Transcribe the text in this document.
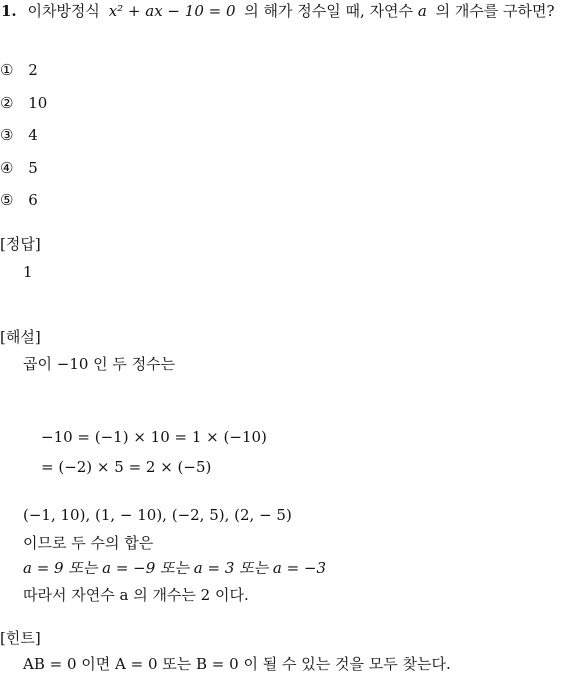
1. 이차방정식 x² + ax − 10 = 0 의 해가 정수일 때, 자연수 a 의 개수를 구하면?
① 2
② 10
③ 4
④ 5
⑤ 6
[정답]
1
[해설]
곱이 −10 인 두 정수는
−10 = (−1) × 10 = 1 × (−10)
= (−2) × 5 = 2 × (−5)
(−1, 10), (1, − 10), (−2, 5), (2, − 5)
이므로 두 수의 합은
a = 9 또는 a = −9 또는 a = 3 또는 a = −3
따라서 자연수 a 의 개수는 2 이다.
[힌트]
AB = 0 이면 A = 0 또는 B = 0 이 될 수 있는 것을 모두 찾는다.
